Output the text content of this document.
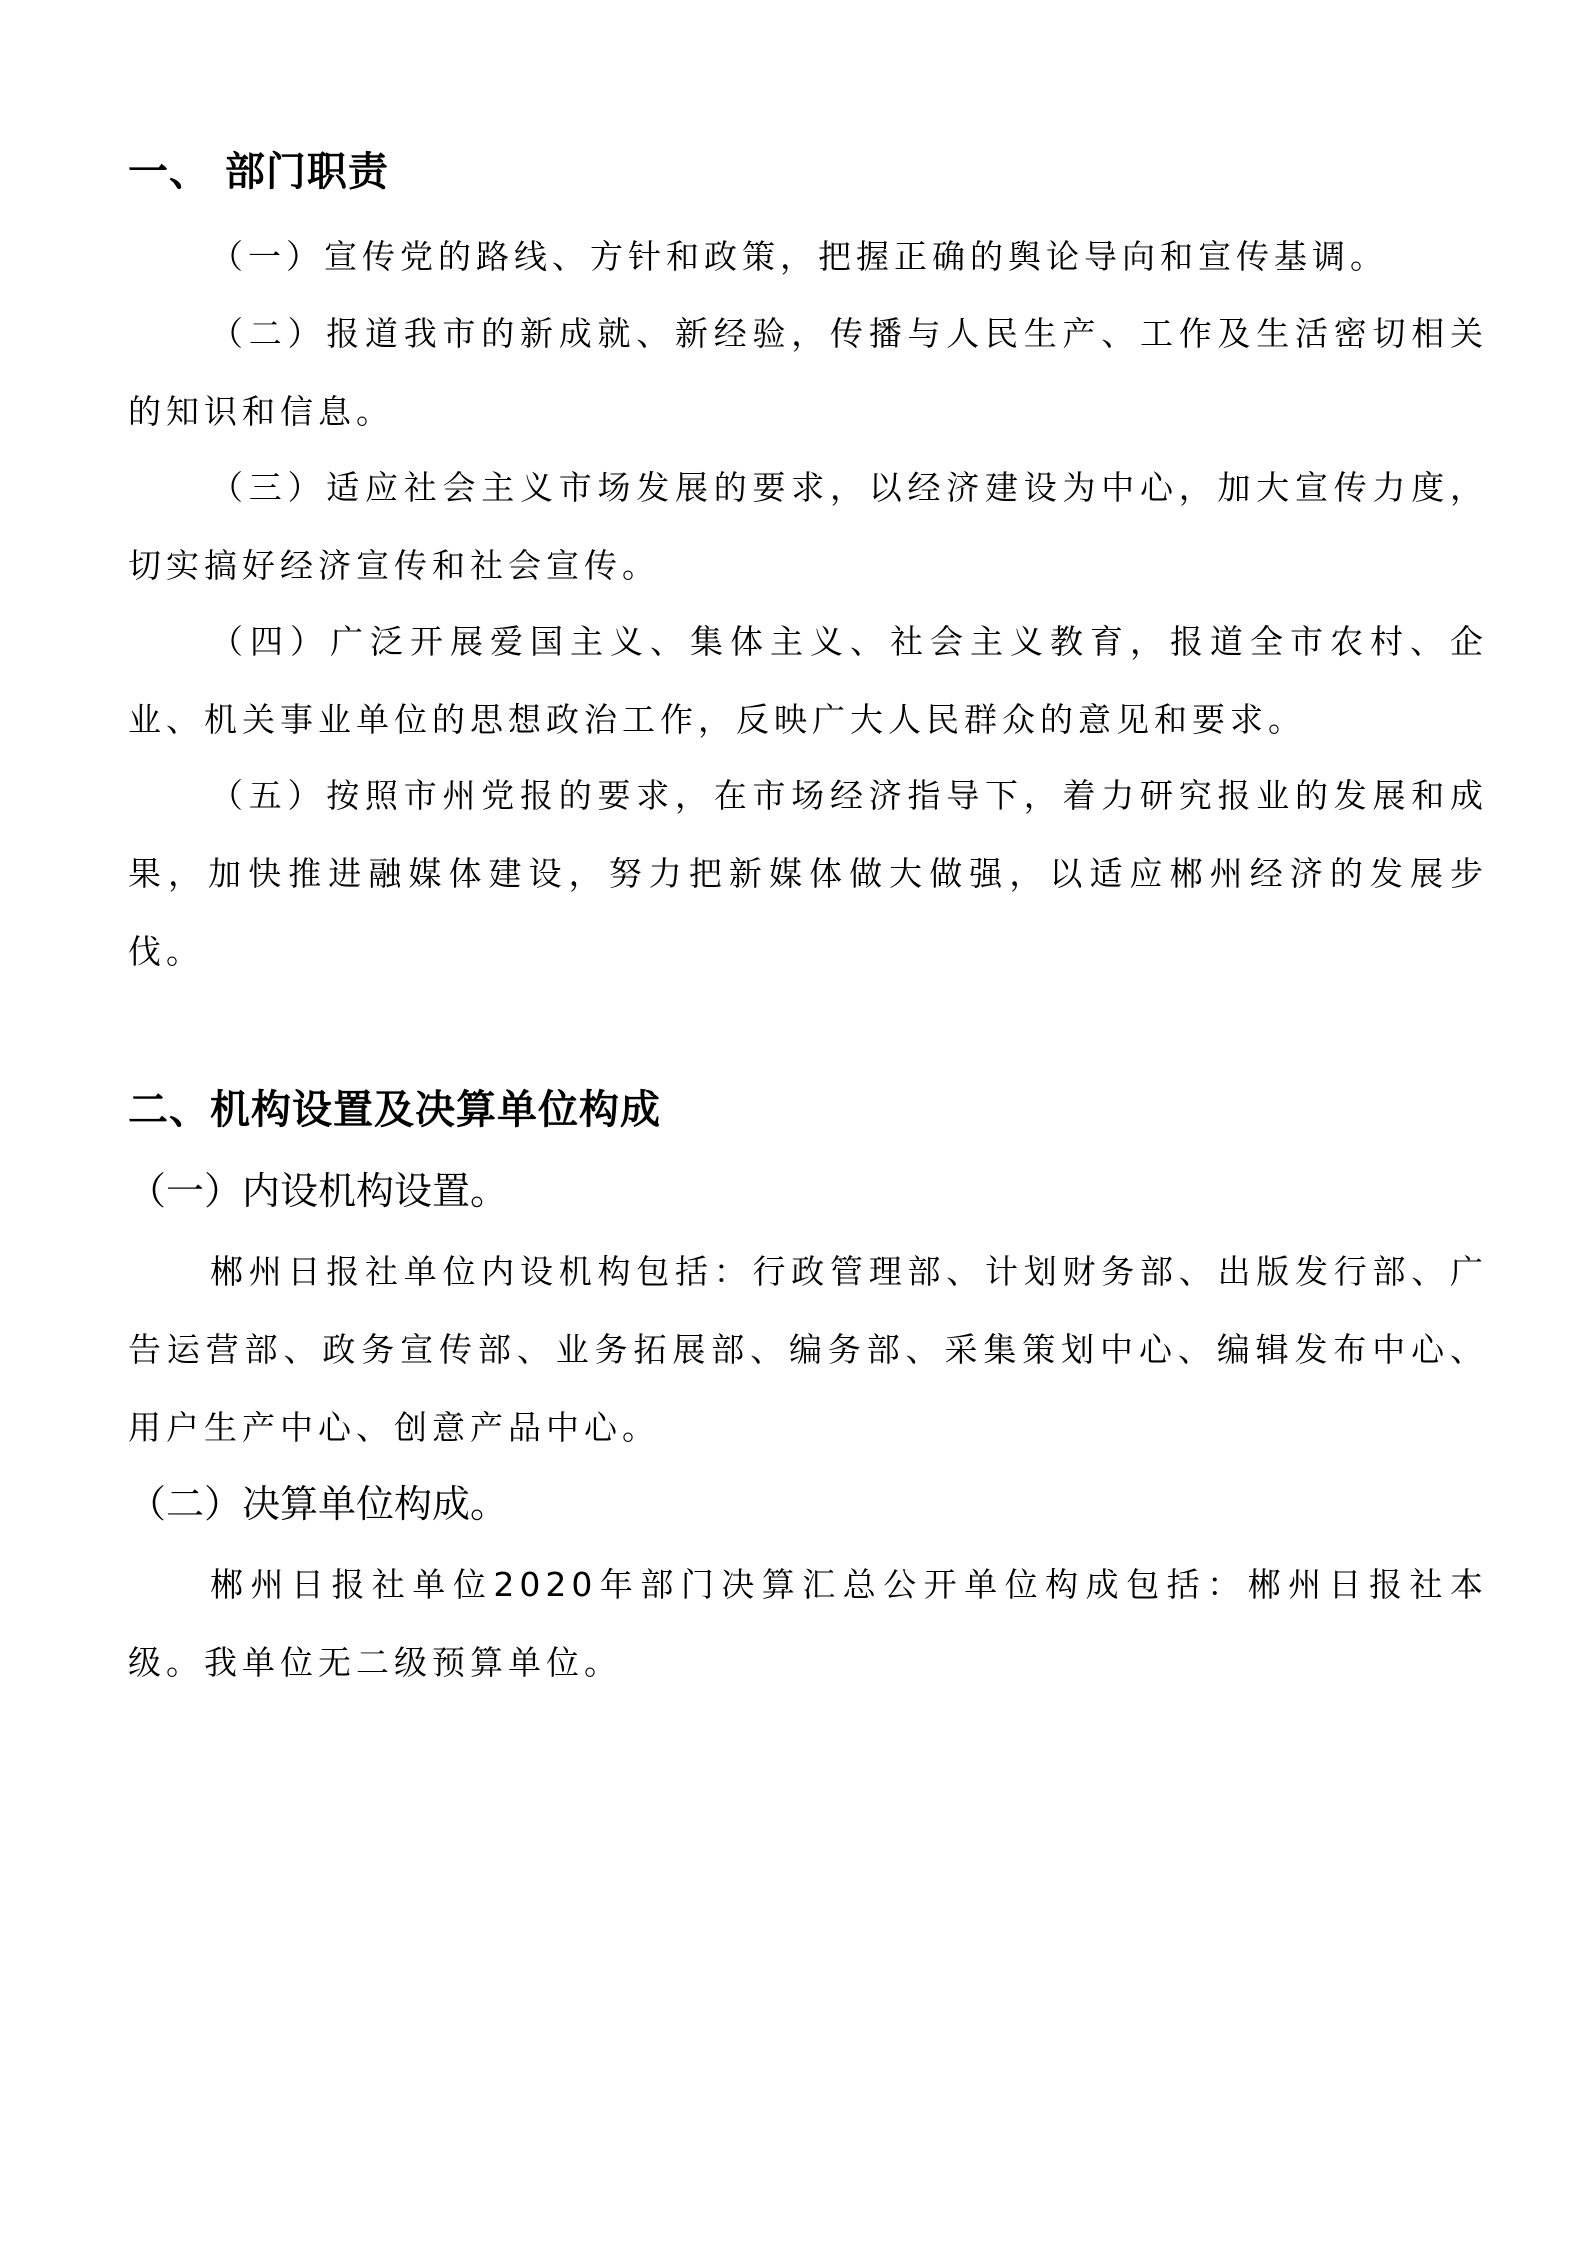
一、 部门职责

（一）宣传党的路线、方针和政策，把握正确的舆论导向和宣传基调。

（二）报道我市的新成就、新经验，传播与人民生产、工作及生活密切相关的知识和信息。

（三）适应社会主义市场发展的要求，以经济建设为中心，加大宣传力度，切实搞好经济宣传和社会宣传。

（四）广泛开展爱国主义、集体主义、社会主义教育，报道全市农村、企业、机关事业单位的思想政治工作，反映广大人民群众的意见和要求。

（五）按照市州党报的要求，在市场经济指导下，着力研究报业的发展和成果，加快推进融媒体建设，努力把新媒体做大做强，以适应郴州经济的发展步伐。

二、机构设置及决算单位构成
（一）内设机构设置。

郴州日报社单位内设机构包括：行政管理部、计划财务部、出版发行部、广告运营部、政务宣传部、业务拓展部、编务部、采集策划中心、编辑发布中心、用户生产中心、创意产品中心。

（二）决算单位构成。

郴州日报社单位2020年部门决算汇总公开单位构成包括：郴州日报社本级。我单位无二级预算单位。
